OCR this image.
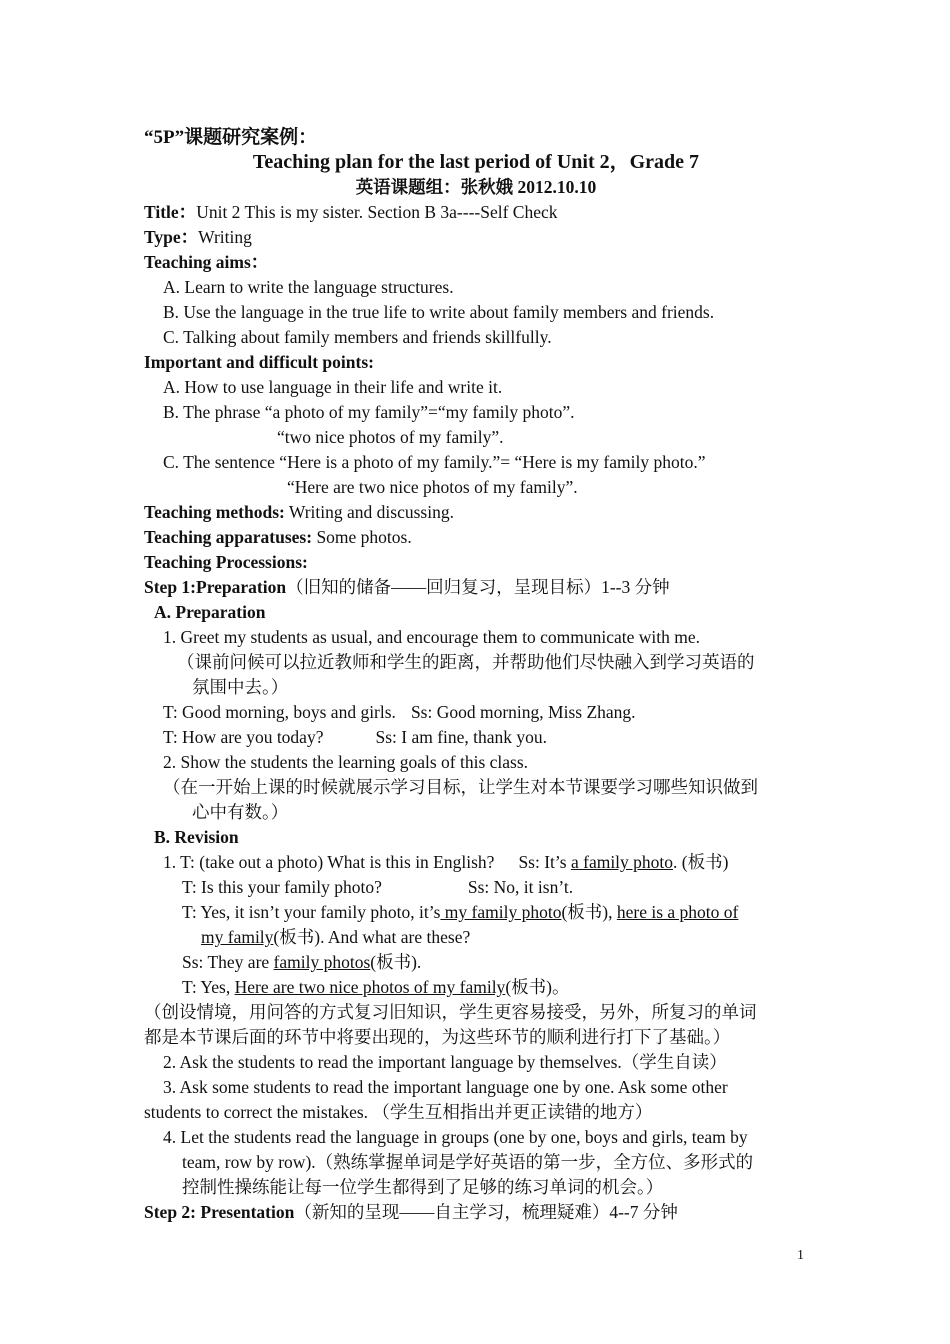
“5P”课题研究案例：
Teaching plan for the last period of Unit 2，Grade 7
英语课题组：张秋娥 2012.10.10
Title：Unit 2 This is my sister. Section B 3a----Self Check
Type：Writing
Teaching aims：
A. Learn to write the language structures.
B. Use the language in the true life to write about family members and friends.
C. Talking about family members and friends skillfully.
Important and difficult points:
A. How to use language in their life and write it.
B. The phrase “a photo of my family”=“my family photo”.
“two nice photos of my family”.
C. The sentence “Here is a photo of my family.”= “Here is my family photo.”
“Here are two nice photos of my family”.
Teaching methods: Writing and discussing.
Teaching apparatuses: Some photos.
Teaching Processions:
Step 1:Preparation（旧知的储备——回归复习，呈现目标）1--3 分钟
A. Preparation
1. Greet my students as usual, and encourage them to communicate with me.
（课前问候可以拉近教师和学生的距离，并帮助他们尽快融入到学习英语的
氛围中去。）
T: Good morning, boys and girls. Ss: Good morning, Miss Zhang.
T: How are you today?	Ss: I am fine, thank you.
2. Show the students the learning goals of this class.
（在一开始上课的时候就展示学习目标，让学生对本节课要学习哪些知识做到
心中有数。）
B. Revision
1. T: (take out a photo) What is this in English? Ss: It’s a family photo. (板书)
T: Is this your family photo?	Ss: No, it isn’t.
T: Yes, it isn’t your family photo, it’s my family photo(板书), here is a photo of
my family(板书). And what are these?
Ss: They are family photos(板书).
T: Yes, Here are two nice photos of my family(板书)。
（创设情境，用问答的方式复习旧知识，学生更容易接受，另外，所复习的单词
都是本节课后面的环节中将要出现的，为这些环节的顺利进行打下了基础。）
2. Ask the students to read the important language by themselves.（学生自读）
3. Ask some students to read the important language one by one. Ask some other
students to correct the mistakes. （学生互相指出并更正读错的地方）
4. Let the students read the language in groups (one by one, boys and girls, team by
team, row by row).（熟练掌握单词是学好英语的第一步，全方位、多形式的
控制性操练能让每一位学生都得到了足够的练习单词的机会。）
Step 2: Presentation（新知的呈现——自主学习，梳理疑难）4--7 分钟
1
